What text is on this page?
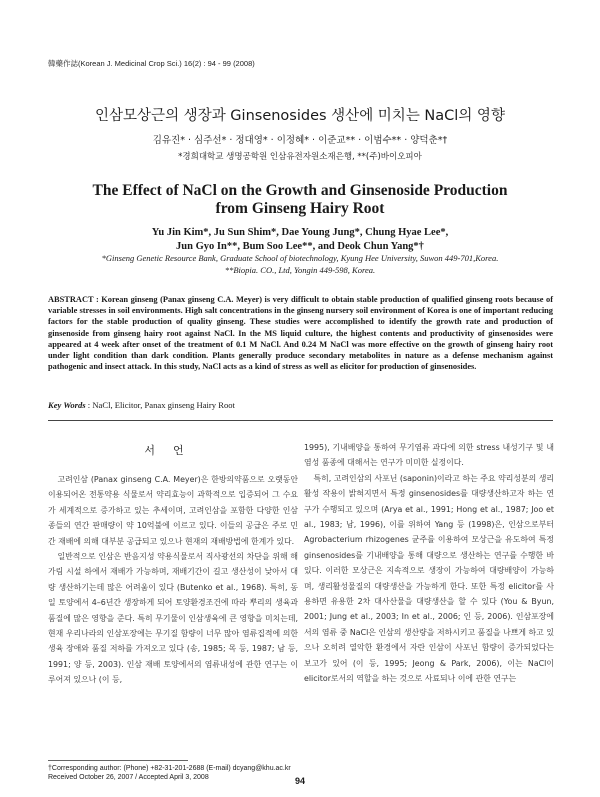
韓藥作誌(Korean J. Medicinal Crop Sci.) 16(2) : 94 - 99 (2008)
인삼모상근의 생장과 Ginsenosides 생산에 미치는 NaCl의 영향
김유진* · 심주선* · 정대영* · 이정혜* · 이준교** · 이범수** · 양덕춘*†
*경희대학교 생명공학원 인삼유전자원소재은행, **(주)바이오피아
The Effect of NaCl on the Growth and Ginsenoside Production
from Ginseng Hairy Root
Yu Jin Kim*, Ju Sun Shim*, Dae Young Jung*, Chung Hyae Lee*,
Jun Gyo In**, Bum Soo Lee**, and Deok Chun Yang*†
*Ginseng Genetic Resource Bank, Graduate School of biotechnology, Kyung Hee University, Suwon 449-701,Korea.
**Biopia. CO., Ltd, Yongin 449-598, Korea.
ABSTRACT : Korean ginseng (Panax ginseng C.A. Meyer) is very difficult to obtain stable production of qualified ginseng roots because of variable stresses in soil environments. High salt concentrations in the ginseng nursery soil environment of Korea is one of important reducing factors for the stable production of quality ginseng. These studies were accomplished to identify the growth rate and production of ginsenoside from ginseng hairy root against NaCl. In the MS liquid culture, the highest contents and productivity of ginsenosides were appeared at 4 week after onset of the treatment of 0.1 M NaCl. And 0.24 M NaCl was more effective on the growth of ginseng hairy root under light condition than dark condition. Plants generally produce secondary metabolites in nature as a defense mechanism against pathogenic and insect attack. In this study, NaCl acts as a kind of stress as well as elicitor for production of ginsenosides.
Key Words : NaCl, Elicitor, Panax ginseng Hairy Root
서언

고려인삼 (Panax ginseng C.A. Meyer)은 한방의약품으로 오랫동안 이용되어온 전통약용 식물로서 약리효능이 과학적으로 입증되어 그 수요가 세계적으로 증가하고 있는 추세이며, 고려인삼을 포함한 다양한 인삼 종들의 연간 판매량이 약 10억불에 이르고 있다. 이들의 공급은 주로 민간 재배에 의해 대부분 공급되고 있으나 현재의 재배방법에 한계가 있다.

일반적으로 인삼은 반음지성 약용식물로서 직사광선의 차단을 위해 해가림 시설 하에서 재배가 가능하며, 재배기간이 길고 생산성이 낮아서 대량 생산하기는데 많은 어려움이 있다 (Butenko et al., 1968). 특히, 동일 토양에서 4–6년간 생장하게 되어 토양환경조건에 따라 뿌리의 생육과 품질에 많은 영향을 준다. 특히 무기물이 인삼생육에 큰 영향을 미치는데, 현재 우리나라의 인삼포장에는 무기질 함량이 너무 많아 염류집적에 의한 생육 장애와 품질 저하를 가져오고 있다 (송, 1985; 목 등, 1987; 남 등, 1991; 양 등, 2003). 인삼 재배 토양에서의 염류내성에 관한 연구는 이루어져 있으나 (이 등,

1995), 기내배양을 통하여 무기염류 과다에 의한 stress 내성기구 및 내염성 품종에 대해서는 연구가 미미한 실정이다.

특히, 고려인삼의 사포닌 (saponin)이라고 하는 주요 약리성분의 생리활성 작용이 밝혀지면서 특정 ginsenosides를 대량생산하고자 하는 연구가 수행되고 있으며 (Arya et al., 1991; Hong et al., 1987; Joo et al., 1983; 남, 1996), 이를 위하여 Yang 등 (1998)은, 인삼으로부터 Agrobacterium rhizogenes 균주를 이용하여 모상근을 유도하여 특정 ginsenosides를 기내배양을 통해 대량으로 생산하는 연구를 수행한 바 있다. 이러한 모상근은 지속적으로 생장이 가능하여 대량배양이 가능하며, 생리활성물질의 대량생산을 가능하게 한다. 또한 특정 elicitor를 사용하면 유용한 2차 대사산물을 대량생산을 할 수 있다 (You & Byun, 2001; Jung et al., 2003; In et al., 2006; 인 등, 2006). 인삼포장에서의 염류 중 NaCl은 인삼의 생산량을 저하시키고 품질을 나쁘게 하고 있으나 오히려 열악한 환경에서 자란 인삼이 사포닌 함량이 증가되었다는 보고가 있어 (이 등, 1995; Jeong & Park, 2006), 이는 NaCl이 elicitor로서의 역할을 하는 것으로 사료되나 이에 관한 연구는

†Corresponding author: (Phone) +82-31-201-2688 (E-mail) dcyang@khu.ac.kr
Received October 26, 2007 / Accepted April 3, 2008	94
